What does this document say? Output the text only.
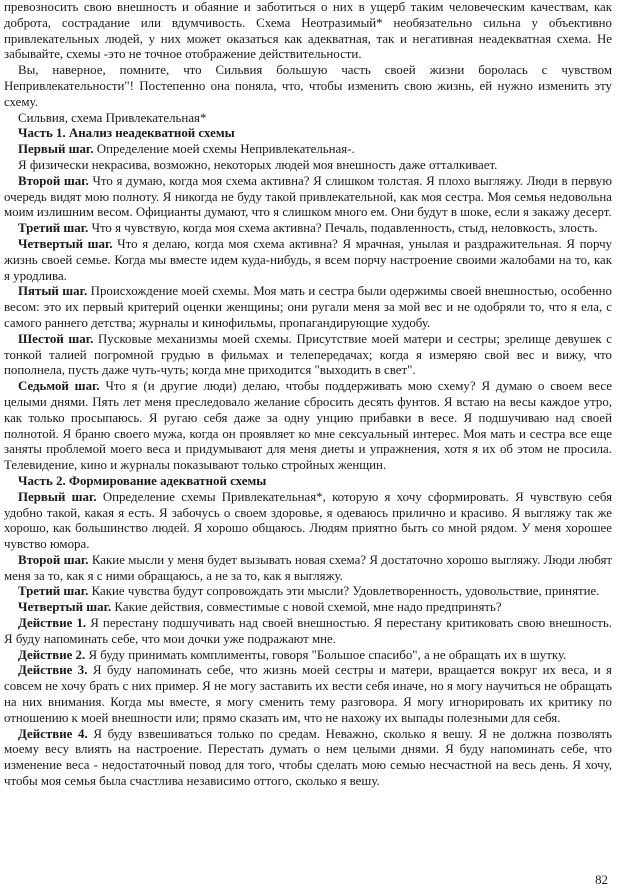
превозносить свою внешность и обаяние и заботиться о них в ущерб таким человеческим качествам, как доброта, сострадание или вдумчивость. Схема Неотразимый* необязательно сильна у объективно привлекательных людей, у них может оказаться как адекватная, так и негативная неадекватная схема. Не забывайте, схемы -это не точное отображение действительности.

Вы, наверное, помните, что Сильвия большую часть своей жизни боролась с чувством Непривлекательности"! Постепенно она поняла, что, чтобы изменить свою жизнь, ей нужно изменить эту схему.

Сильвия, схема Привлекательная*

Часть 1. Анализ неадекватной схемы

Первый шаг. Определение моей схемы Непривлекательная-.

Я физически некрасива, возможно, некоторых людей моя внешность даже отталкивает.

Второй шаг. Что я думаю, когда моя схема активна? Я слишком толстая. Я плохо выгляжу. Люди в первую очередь видят мою полноту. Я никогда не буду такой привлекательной, как моя сестра. Моя семья недовольна моим излишним весом. Официанты думают, что я слишком много ем. Они будут в шоке, если я закажу десерт.

Третий шаг. Что я чувствую, когда моя схема активна? Печаль, подавленность, стыд, неловкость, злость.

Четвертый шаг. Что я делаю, когда моя схема активна? Я мрачная, унылая и раздражительная. Я порчу жизнь своей семье. Когда мы вместе идем куда-нибудь, я всем порчу настроение своими жалобами на то, как я уродлива.

Пятый шаг. Происхождение моей схемы. Моя мать и сестра были одержимы своей внешностью, особенно весом: это их первый критерий оценки женщины; они ругали меня за мой вес и не одобряли то, что я ела, с самого раннего детства; журналы и кинофильмы, пропагандирующие худобу.

Шестой шаг. Пусковые механизмы моей схемы. Присутствие моей матери и сестры; зрелище девушек с тонкой талией погромной грудью в фильмах и телепередачах; когда я измеряю свой вес и вижу, что пополнела, пусть даже чуть-чуть; когда мне приходится "выходить в свет".

Седьмой шаг. Что я (и другие люди) делаю, чтобы поддерживать мою схему? Я думаю о своем весе целыми днями. Пять лет меня преследовало желание сбросить десять фунтов. Я встаю на весы каждое утро, как только просыпаюсь. Я ругаю себя даже за одну унцию прибавки в весе. Я подшучиваю над своей полнотой. Я браню своего мужа, когда он проявляет ко мне сексуальный интерес. Моя мать и сестра все еще заняты проблемой моего веса и придумывают для меня диеты и упражнения, хотя я их об этом не просила. Телевидение, кино и журналы показывают только стройных женщин.

Часть 2. Формирование адекватной схемы

Первый шаг. Определение схемы Привлекательная*, которую я хочу сформировать. Я чувствую себя удобно такой, какая я есть. Я забочусь о своем здоровье, я одеваюсь прилично и красиво. Я выгляжу так же хорошо, как большинство людей. Я хорошо общаюсь. Людям приятно быть со мной рядом. У меня хорошее чувство юмора.

Второй шаг. Какие мысли у меня будет вызывать новая схема? Я достаточно хорошо выгляжу. Люди любят меня за то, как я с ними обращаюсь, а не за то, как я выгляжу.

Третий шаг. Какие чувства будут сопровождать эти мысли? Удовлетворенность, удовольствие, принятие.

Четвертый шаг. Какие действия, совместимые с новой схемой, мне надо предпринять?

Действие 1. Я перестану подшучивать над своей внешностью. Я перестану критиковать свою внешность. Я буду напоминать себе, что мои дочки уже подражают мне.

Действие 2. Я буду принимать комплименты, говоря "Большое спасибо", а не обращать их в шутку.

Действие 3. Я буду напоминать себе, что жизнь моей сестры и матери, вращается вокруг их веса, и я совсем не хочу брать с них пример. Я не могу заставить их вести себя иначе, но я могу научиться не обращать на них внимания. Когда мы вместе, я могу сменить тему разговора. Я могу игнорировать их критику по отношению к моей внешности или; прямо сказать им, что не нахожу их выпады полезными для себя.

Действие 4. Я буду взвешиваться только по средам. Неважно, сколько я вешу. Я не должна позволять моему весу влиять на настроение. Перестать думать о нем целыми днями. Я буду напоминать себе, что изменение веса - недостаточный повод для того, чтобы сделать мою семью несчастной на весь день. Я хочу, чтобы моя семья была счастлива независимо оттого, сколько я вешу.

82
